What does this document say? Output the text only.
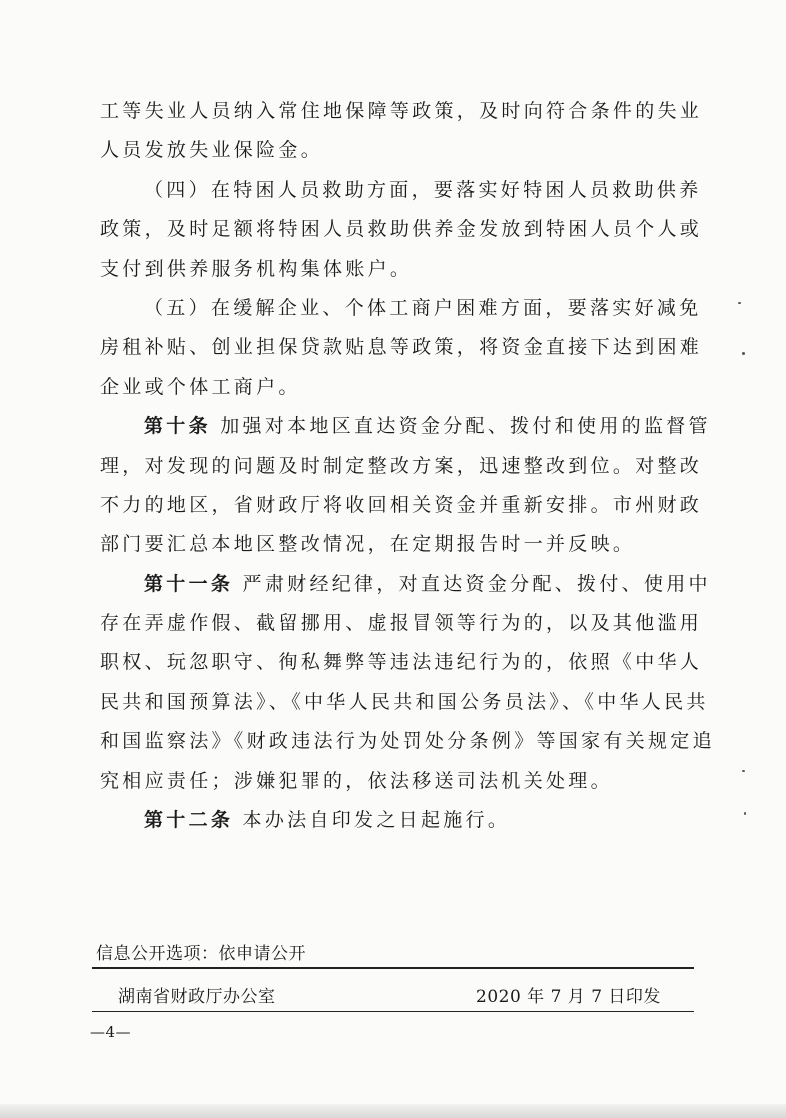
工等失业人员纳入常住地保障等政策，及时向符合条件的失业
人员发放失业保险金。
（四）在特困人员救助方面，要落实好特困人员救助供养
政策，及时足额将特困人员救助供养金发放到特困人员个人或
支付到供养服务机构集体账户。
（五）在缓解企业、个体工商户困难方面，要落实好减免
房租补贴、创业担保贷款贴息等政策，将资金直接下达到困难
企业或个体工商户。
第十条 加强对本地区直达资金分配、拨付和使用的监督管
理，对发现的问题及时制定整改方案，迅速整改到位。对整改
不力的地区，省财政厅将收回相关资金并重新安排。市州财政
部门要汇总本地区整改情况，在定期报告时一并反映。
第十一条 严肃财经纪律，对直达资金分配、拨付、使用中
存在弄虚作假、截留挪用、虚报冒领等行为的，以及其他滥用
职权、玩忽职守、徇私舞弊等违法违纪行为的，依照《中华人
民共和国预算法》、《中华人民共和国公务员法》、《中华人民共
和国监察法》《财政违法行为处罚处分条例》等国家有关规定追
究相应责任；涉嫌犯罪的，依法移送司法机关处理。
第十二条 本办法自印发之日起施行。
信息公开选项：依申请公开
湖南省财政厅办公室	2020 年 7 月 7 日印发
—4—
